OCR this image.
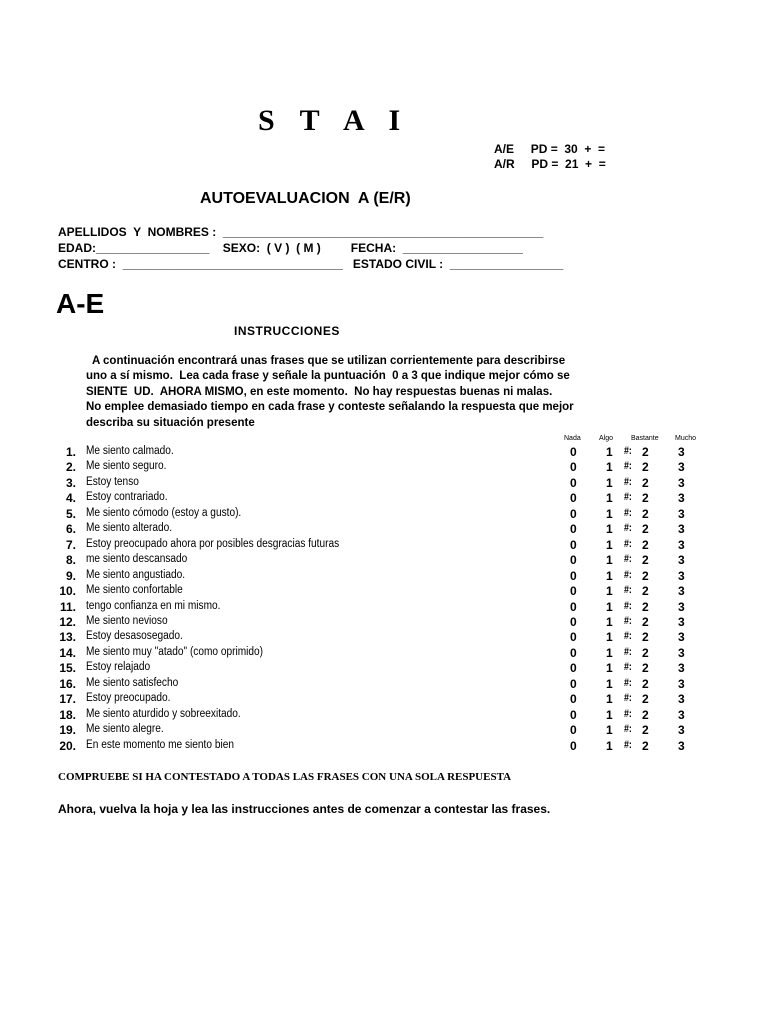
S T A I
A/E PD =  30  +  =
A/R PD =  21  +  =
AUTOEVALUACION  A (E/R)
APELLIDOS  Y  NOMBRES :  ________________________________________________
EDAD:_________________    SEXO:  ( V )  ( M )         FECHA:  __________________
CENTRO :  _________________________________   ESTADO CIVIL :  _________________
A-E
INSTRUCCIONES
A continuación encontrará unas frases que se utilizan corrientemente para describirse
uno a sí mismo.  Lea cada frase y señale la puntuación  0 a 3 que indique mejor cómo se
SIENTE  UD.  AHORA MISMO, en este momento.  No hay respuestas buenas ni malas.
No emplee demasiado tiempo en cada frase y conteste señalando la respuesta que mejor
describa su situación presente
Nada	Algo	Bastante Mucho
1. Me siento calmado.	0 1 #: 2 3
2. Me siento seguro.	0 1 #: 2 3
3. Estoy tenso	0 1 #: 2 3
4. Estoy contrariado.	0 1 #: 2 3
5. Me siento cómodo (estoy a gusto).	0 1 #: 2 3
6. Me siento alterado.	0 1 #: 2 3
7. Estoy preocupado ahora por posibles desgracias futuras	0 1 #: 2 3
8. me siento descansado	0 1 #: 2 3
9. Me siento angustiado.	0 1 #: 2 3
10. Me siento confortable	0 1 #: 2 3
11. tengo confianza en mi mismo.	0 1 #: 2 3
12. Me siento nevioso	0 1 #: 2 3
13. Estoy desasosegado.	0 1 #: 2 3
14. Me siento muy "atado" (como oprimido)	0 1 #: 2 3
15. Estoy relajado	0 1 #: 2 3
16. Me siento satisfecho	0 1 #: 2 3
17. Estoy preocupado.	0 1 #: 2 3
18. Me siento aturdido y sobreexitado.	0 1 #: 2 3
19. Me siento alegre.	0 1 #: 2 3
20. En este momento me siento bien	0 1 #: 2 3
COMPRUEBE SI HA CONTESTADO A TODAS LAS FRASES CON UNA SOLA RESPUESTA
Ahora, vuelva la hoja y lea las instrucciones antes de comenzar a contestar las frases.
